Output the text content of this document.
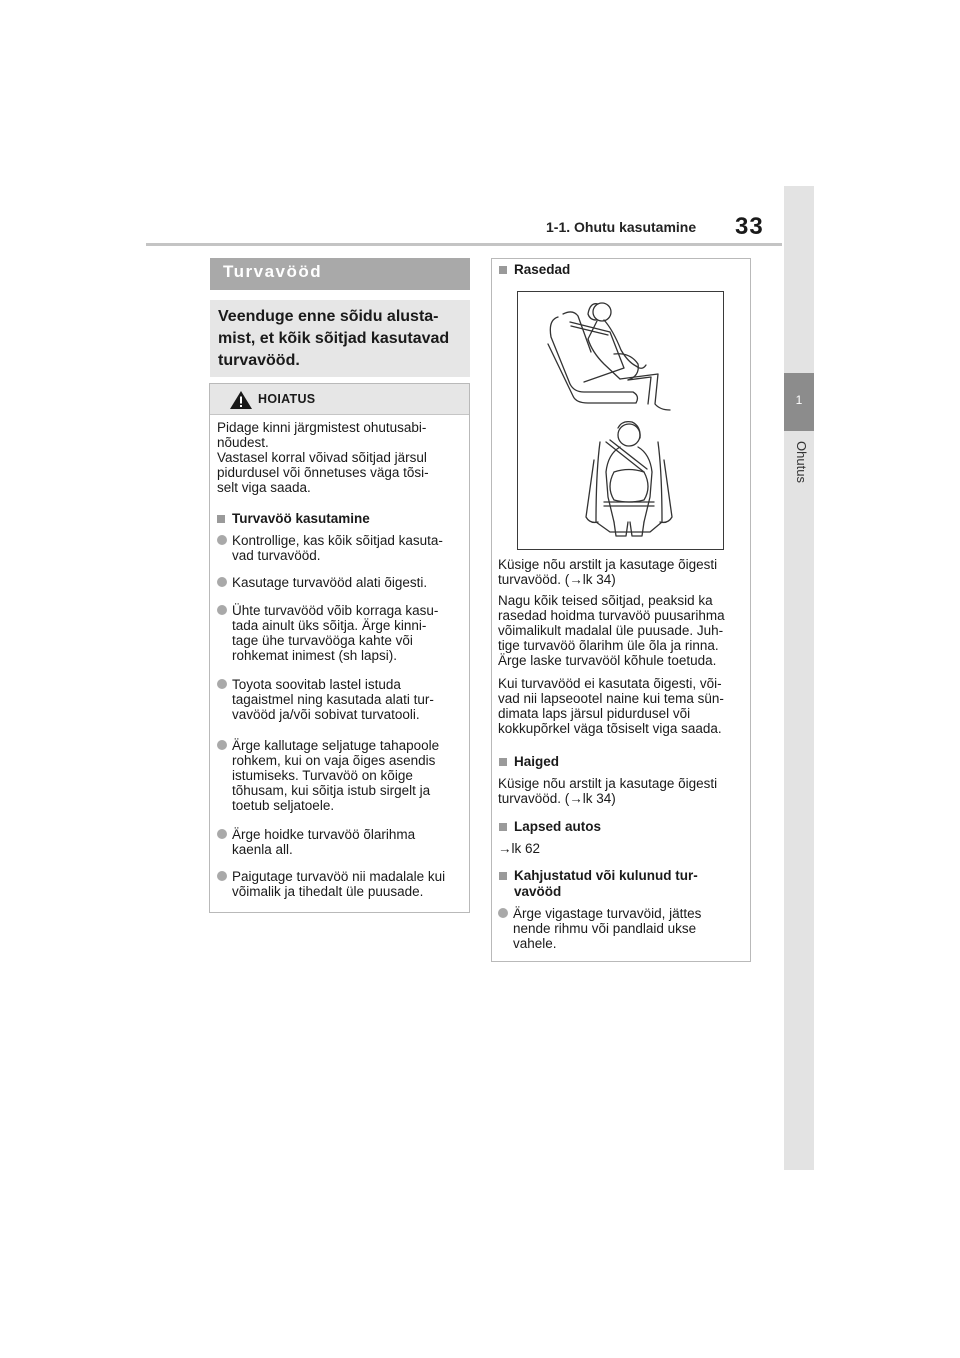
1-1. Ohutu kasutamine 33
1
Ohutus
Turvavööd
Veenduge enne sõidu alusta-
mist, et kõik sõitjad kasutavad
turvavööd.
HOIATUS
Pidage kinni järgmistest ohutusabi-
nõudest.
Vastasel korral võivad sõitjad järsul
pidurdusel või õnnetuses väga tõsi-
selt viga saada.
Turvavöö kasutamine
Kontrollige, kas kõik sõitjad kasuta-
vad turvavööd.
Kasutage turvavööd alati õigesti.
Ühte turvavööd võib korraga kasu-
tada ainult üks sõitja. Ärge kinni-
tage ühe turvavööga kahte või
rohkemat inimest (sh lapsi).
Toyota soovitab lastel istuda
tagaistmel ning kasutada alati tur-
vavööd ja/või sobivat turvatooli.
Ärge kallutage seljatuge tahapoole
rohkem, kui on vaja õiges asendis
istumiseks. Turvavöö on kõige
tõhusam, kui sõitja istub sirgelt ja
toetub seljatoele.
Ärge hoidke turvavöö õlarihma
kaenla all.
Paigutage turvavöö nii madalale kui
võimalik ja tihedalt üle puusade.
Rasedad
Küsige nõu arstilt ja kasutage õigesti
turvavööd. (→lk 34)
Nagu kõik teised sõitjad, peaksid ka
rasedad hoidma turvavöö puusarihma
võimalikult madalal üle puusade. Juh-
tige turvavöö õlarihm üle õla ja rinna.
Ärge laske turvavööl kõhule toetuda.
Kui turvavööd ei kasutata õigesti, või-
vad nii lapseootel naine kui tema sün-
dimata laps järsul pidurdusel või
kokkupõrkel väga tõsiselt viga saada.
Haiged
Küsige nõu arstilt ja kasutage õigesti
turvavööd. (→lk 34)
Lapsed autos
→lk 62
Kahjustatud või kulunud tur-
vavööd
Ärge vigastage turvavöid, jättes
nende rihmu või pandlaid ukse
vahele.
